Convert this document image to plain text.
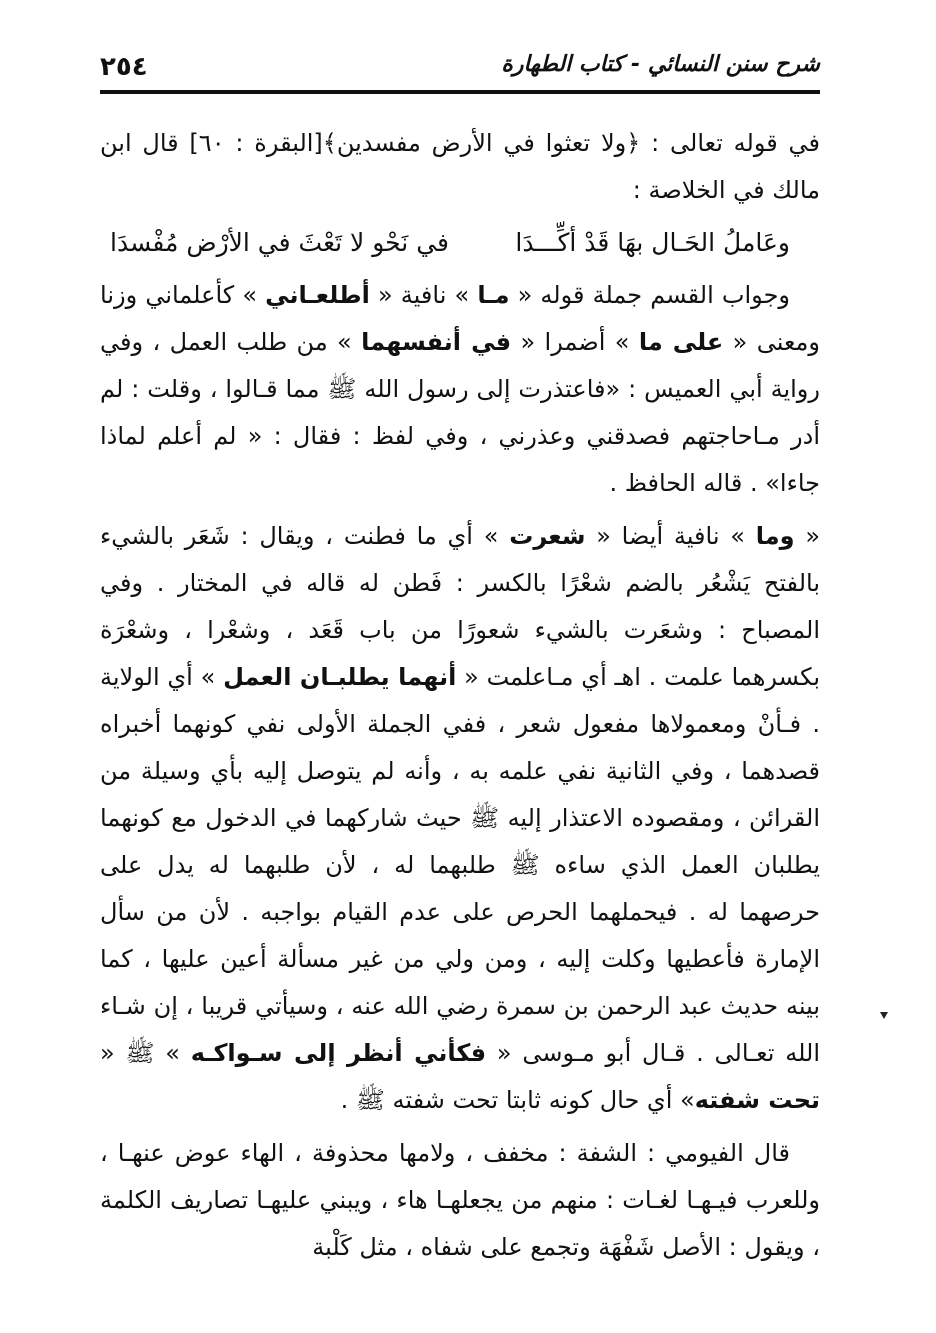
٢٥٤	شرح سنن النسائي - كتاب الطهارة

في قوله تعالى : ﴿ولا تعثوا في الأرض مفسدين﴾[البقرة : ٦٠] قال ابن مالك في الخلاصة :

وعَاملُ الحَـال بهَا قَدْ أكِّـــدَا
في نَحْو لا تَعْثَ في الأرْض مُفْسدَا

وجواب القسم جملة قوله « مـا » نافية « أطلعـاني » كأعلماني وزنا ومعنى « على ما » أضمرا « في أنفسهما » من طلب العمل ، وفي رواية أبي العميس : «فاعتذرت إلى رسول الله ﷺ مما قـالوا ، وقلت : لم أدر مـاحاجتهم فصدقني وعذرني ، وفي لفظ : فقال : « لم أعلم لماذا جاءا» . قاله الحافظ .

« وما » نافية أيضا « شعرت » أي ما فطنت ، ويقال : شَعَر بالشيء بالفتح يَشْعُر بالضم شعْرًا بالكسر : فَطن له قاله في المختار . وفي المصباح : وشعَرت بالشيء شعورًا من باب قَعَد ، وشعْرا ، وشعْرَة بكسرهما علمت . اهـ أي مـاعلمت « أنهما يطلبـان العمل » أي الولاية . فـأنْ ومعمولاها مفعول شعر ، ففي الجملة الأولى نفي كونهما أخبراه قصدهما ، وفي الثانية نفي علمه به ، وأنه لم يتوصل إليه بأي وسيلة من القرائن ، ومقصوده الاعتذار إليه ﷺ حيث شاركهما في الدخول مع كونهما يطلبان العمل الذي ساءه ﷺ طلبهما له ، لأن طلبهما له يدل على حرصهما له . فيحملهما الحرص على عدم القيام بواجبه . لأن من سأل الإمارة فأعطيها وكلت إليه ، ومن ولي من غير مسألة أعين عليها ، كما بينه حديث عبد الرحمن بن سمرة رضي الله عنه ، وسيأتي قريبا ، إن شـاء الله تعـالى . قـال أبو مـوسى « فكأني أنظر إلى سـواكـه » ﷺ « تحت شفته» أي حال كونه ثابتا تحت شفته ﷺ .

قال الفيومي : الشفة : مخفف ، ولامها محذوفة ، الهاء عوض عنهـا ، وللعرب فيـهـا لغـات : منهم من يجعلهـا هاء ، ويبني عليهـا تصاريف الكلمة ، ويقول : الأصل شَفْهَة وتجمع على شفاه ، مثل كَلْبة
